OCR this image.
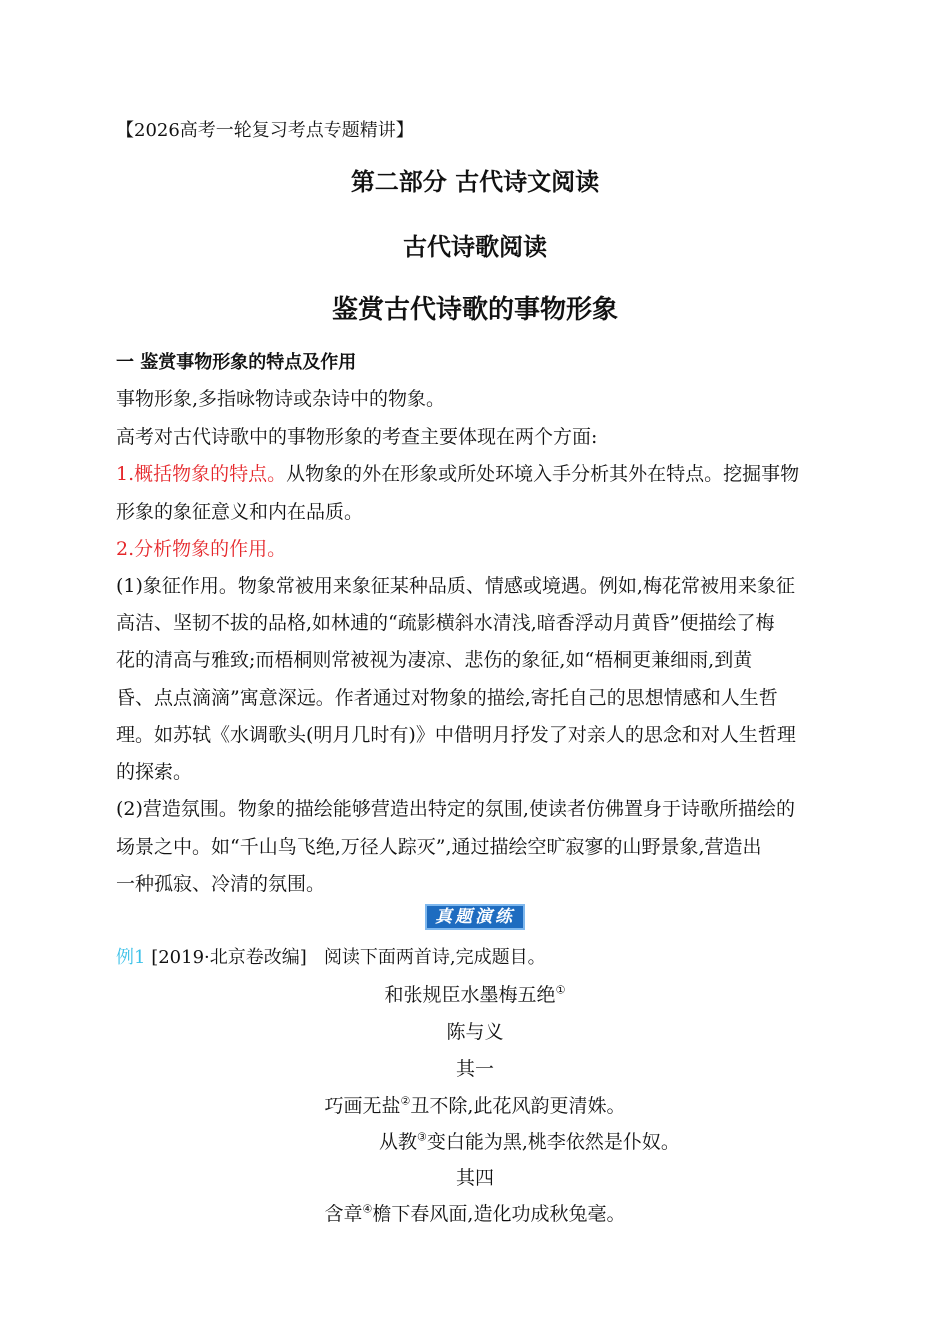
【2026高考一轮复习考点专题精讲】
第二部分 古代诗文阅读
古代诗歌阅读
鉴赏古代诗歌的事物形象
一 鉴赏事物形象的特点及作用
事物形象,多指咏物诗或杂诗中的物象。
高考对古代诗歌中的事物形象的考查主要体现在两个方面:
1.概括物象的特点。从物象的外在形象或所处环境入手分析其外在特点。挖掘事物
形象的象征意义和内在品质。
2.分析物象的作用。
(1)象征作用。物象常被用来象征某种品质、情感或境遇。例如,梅花常被用来象征
高洁、坚韧不拔的品格,如林逋的“疏影横斜水清浅,暗香浮动月黄昏”便描绘了梅
花的清高与雅致;而梧桐则常被视为凄凉、悲伤的象征,如“梧桐更兼细雨,到黄
昏、点点滴滴”寓意深远。作者通过对物象的描绘,寄托自己的思想情感和人生哲
理。如苏轼《水调歌头(明月几时有)》中借明月抒发了对亲人的思念和对人生哲理
的探索。
(2)营造氛围。物象的描绘能够营造出特定的氛围,使读者仿佛置身于诗歌所描绘的
场景之中。如“千山鸟飞绝,万径人踪灭”,通过描绘空旷寂寥的山野景象,营造出
一种孤寂、冷清的氛围。
真题演练
例1 [2019·北京卷改编] 阅读下面两首诗,完成题目。
和张规臣水墨梅五绝①
陈与义
其一
巧画无盐②丑不除,此花风韵更清姝。
从教③变白能为黑,桃李依然是仆奴。
其四
含章④檐下春风面,造化功成秋兔毫。
